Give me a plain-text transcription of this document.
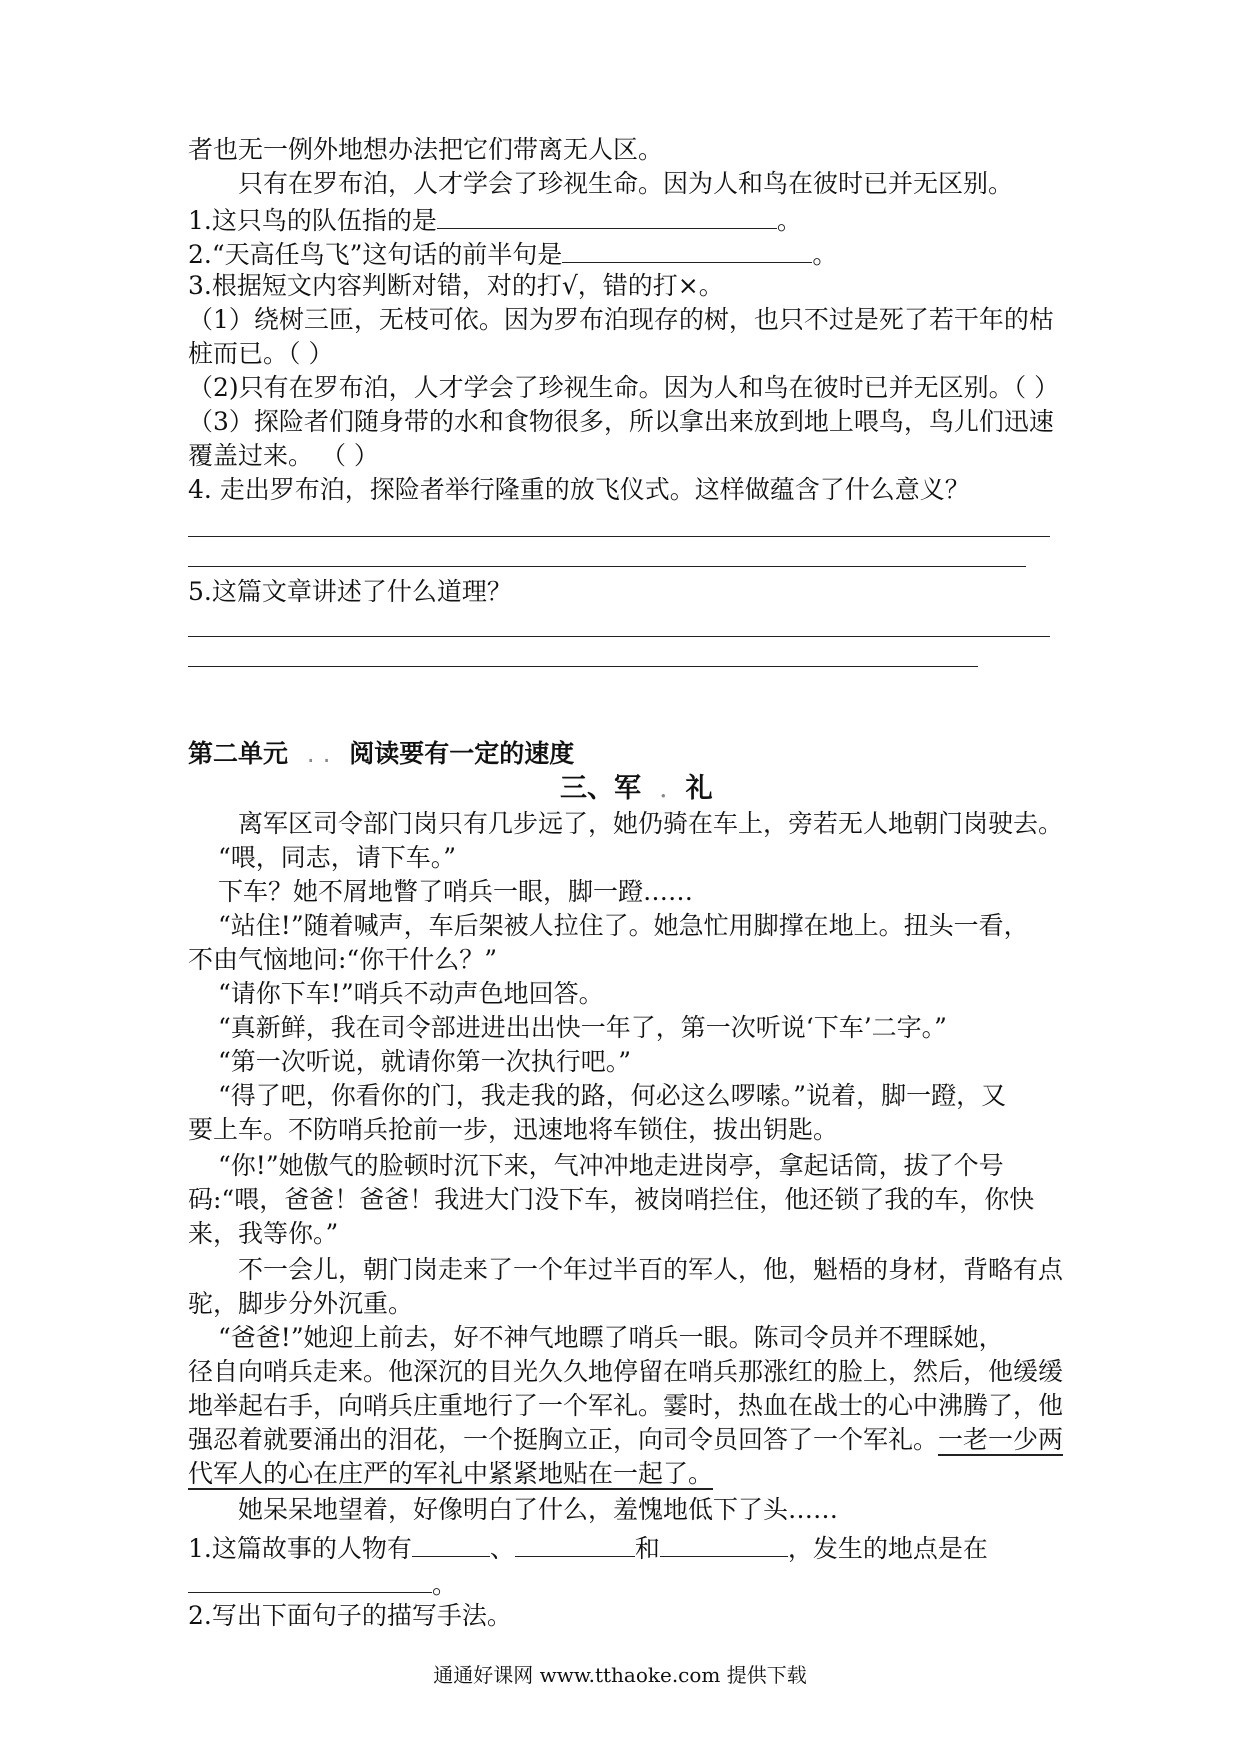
者也无一例外地想办法把它们带离无人区。
只有在罗布泊，人才学会了珍视生命。因为人和鸟在彼时已并无区别。
1.这只鸟的队伍指的是	。
2.“天高任鸟飞”这句话的前半句是	。
3.根据短文内容判断对错，对的打√，错的打×。
（1）绕树三匝，无枝可依。因为罗布泊现存的树，也只不过是死了若干年的枯
桩而已。（ ）
（2)只有在罗布泊，人才学会了珍视生命。因为人和鸟在彼时已并无区别。（ ）
（3）探险者们随身带的水和食物很多，所以拿出来放到地上喂鸟，鸟儿们迅速
覆盖过来。 （ ）
4. 走出罗布泊，探险者举行隆重的放飞仪式。这样做蕴含了什么意义？
5.这篇文章讲述了什么道理？
第二单元 . . 阅读要有一定的速度
三、军 . 礼
离军区司令部门岗只有几步远了，她仍骑在车上，旁若无人地朝门岗驶去。
“喂，同志，请下车。”
下车？她不屑地瞥了哨兵一眼，脚一蹬……
“站住!”随着喊声，车后架被人拉住了。她急忙用脚撑在地上。扭头一看，
不由气恼地问:“你干什么？”
“请你下车!”哨兵不动声色地回答。
“真新鲜，我在司令部进进出出快一年了，第一次听说‘下车’二字。”
“第一次听说，就请你第一次执行吧。”
“得了吧，你看你的门，我走我的路，何必这么啰嗦。”说着，脚一蹬，又
要上车。不防哨兵抢前一步，迅速地将车锁住，拔出钥匙。
“你!”她傲气的脸顿时沉下来，气冲冲地走进岗亭，拿起话筒，拔了个号
码:“喂，爸爸！爸爸！我进大门没下车，被岗哨拦住，他还锁了我的车，你快
来，我等你。”
不一会儿，朝门岗走来了一个年过半百的军人，他，魁梧的身材，背略有点
驼，脚步分外沉重。
“爸爸!”她迎上前去，好不神气地瞟了哨兵一眼。陈司令员并不理睬她，
径自向哨兵走来。他深沉的目光久久地停留在哨兵那涨红的脸上，然后，他缓缓
地举起右手，向哨兵庄重地行了一个军礼。霎时，热血在战士的心中沸腾了，他
强忍着就要涌出的泪花，一个挺胸立正，向司令员回答了一个军礼。一老一少两
代军人的心在庄严的军礼中紧紧地贴在一起了。
她呆呆地望着，好像明白了什么，羞愧地低下了头……
1.这篇故事的人物有	、	和	，发生的地点是在
。
2.写出下面句子的描写手法。
通通好课网 www.tthaoke.com 提供下载
